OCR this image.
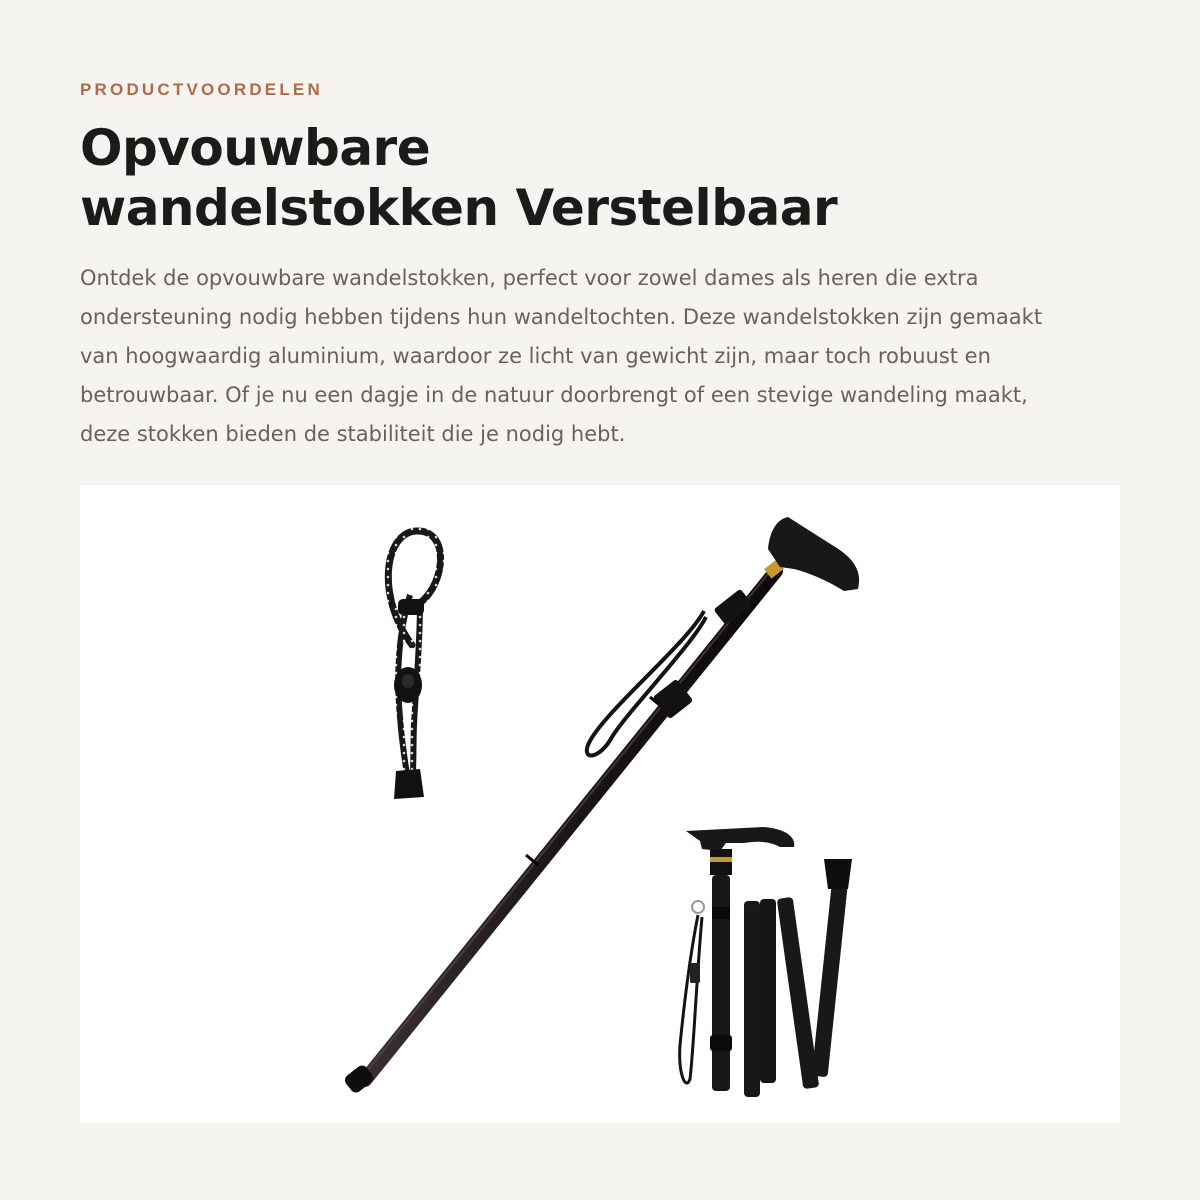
PRODUCTVOORDELEN
Opvouwbare
wandelstokken Verstelbaar

Ontdek de opvouwbare wandelstokken, perfect voor zowel dames als heren die extra ondersteuning nodig hebben tijdens hun wandeltochten. Deze wandelstokken zijn gemaakt van hoogwaardig aluminium, waardoor ze licht van gewicht zijn, maar toch robuust en betrouwbaar. Of je nu een dagje in de natuur doorbrengt of een stevige wandeling maakt, deze stokken bieden de stabiliteit die je nodig hebt.
